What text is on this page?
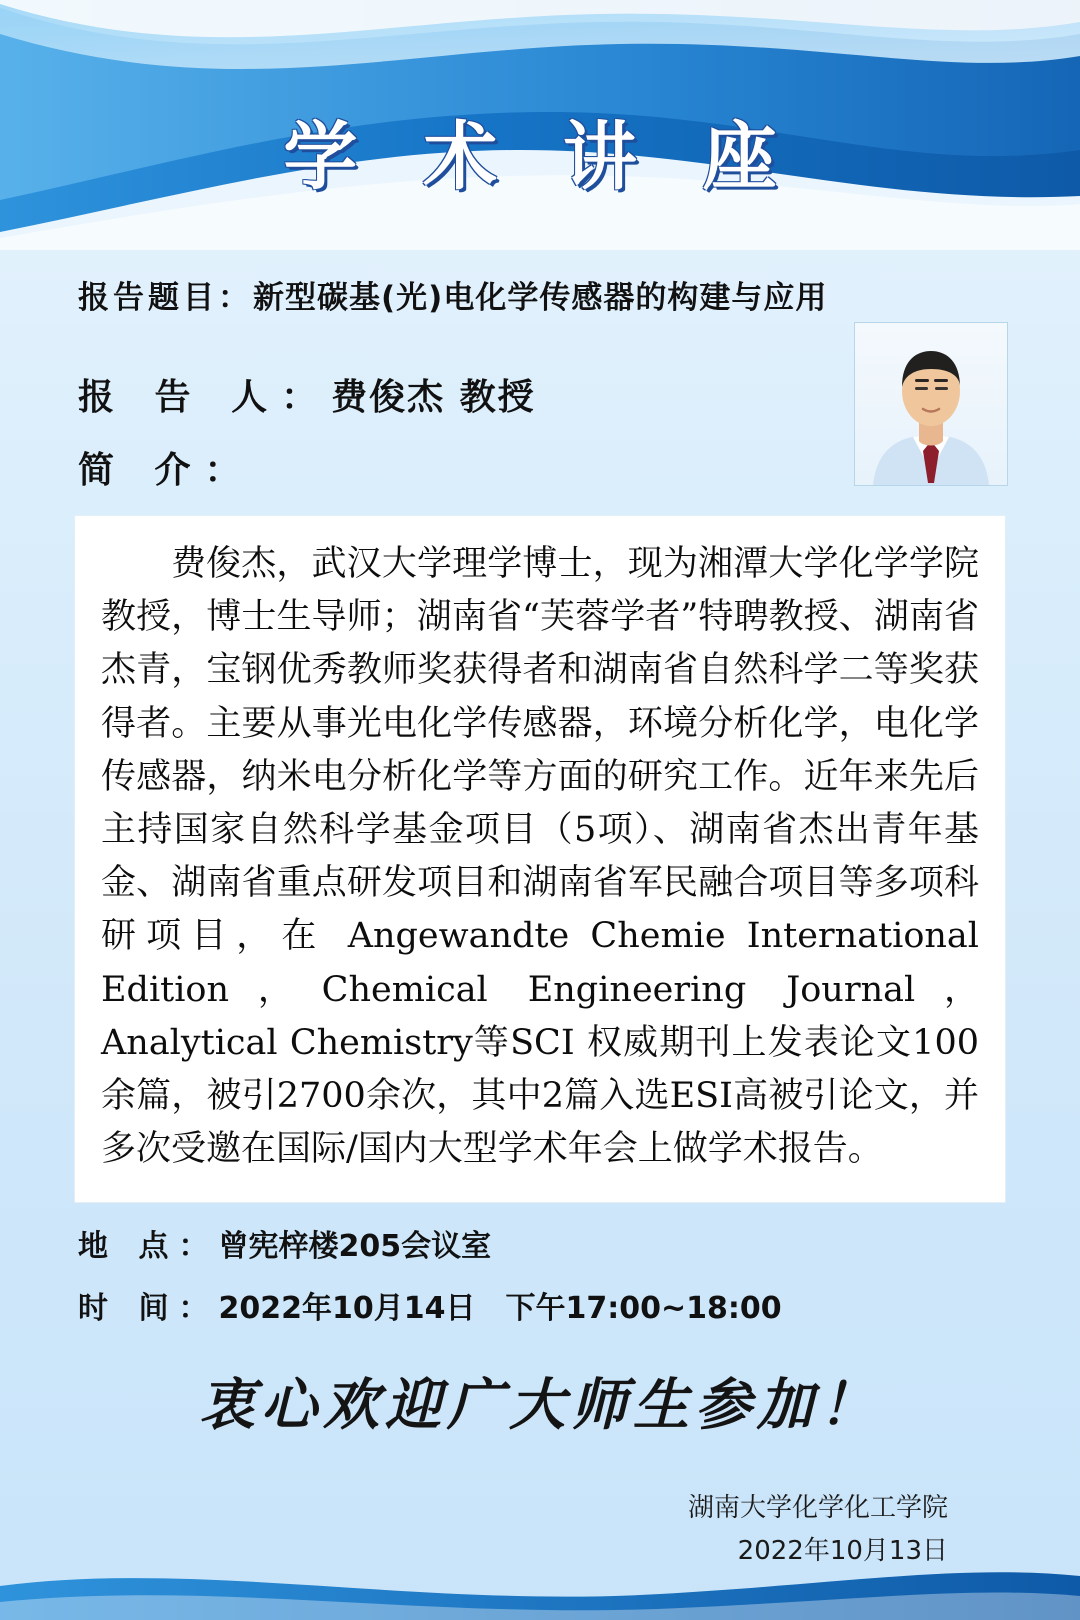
学 术 讲 座
报告题目：新型碳基(光)电化学传感器的构建与应用
报 告 人：费俊杰 教授
简 介：

费俊杰，武汉大学理学博士，现为湘潭大学化学学院教授，博士生导师；湖南省“芙蓉学者”特聘教授、湖南省杰青，宝钢优秀教师奖获得者和湖南省自然科学二等奖获得者。主要从事光电化学传感器，环境分析化学，电化学传感器，纳米电分析化学等方面的研究工作。近年来先后主持国家自然科学基金项目（5项）、湖南省杰出青年基金、湖南省重点研发项目和湖南省军民融合项目等多项科研项目，在 Angewandte Chemie International Edition，Chemical Engineering Journal，Analytical Chemistry等SCI 权威期刊上发表论文100余篇，被引2700余次，其中2篇入选ESI高被引论文，并多次受邀在国际/国内大型学术年会上做学术报告。

地 点：曾宪梓楼205会议室
时 间：2022年10月14日 下午17:00~18:00
衷心欢迎广大师生参加！
湖南大学化学化工学院
2022年10月13日
